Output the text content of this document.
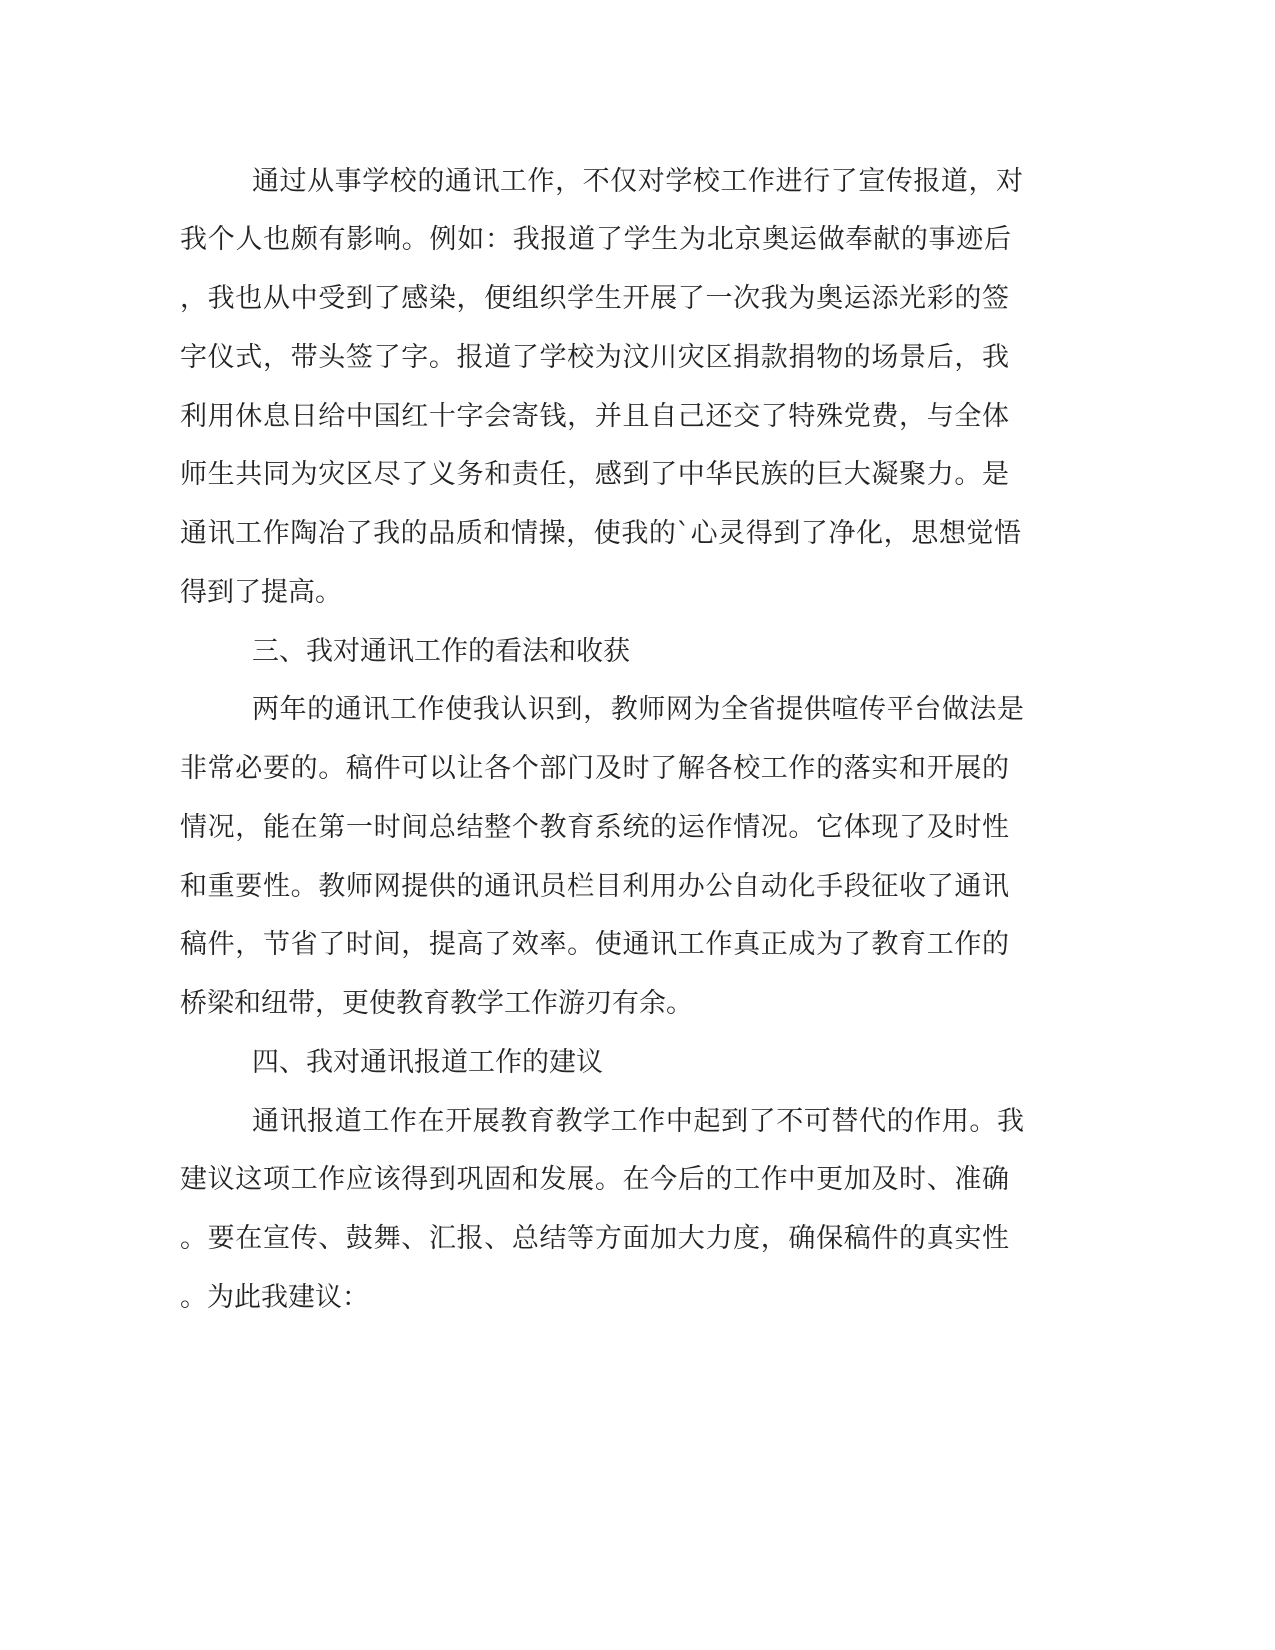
通过从事学校的通讯工作，不仅对学校工作进行了宣传报道，对
我个人也颇有影响。例如：我报道了学生为北京奥运做奉献的事迹后
，我也从中受到了感染，便组织学生开展了一次我为奥运添光彩的签
字仪式，带头签了字。报道了学校为汶川灾区捐款捐物的场景后，我
利用休息日给中国红十字会寄钱，并且自己还交了特殊党费，与全体
师生共同为灾区尽了义务和责任，感到了中华民族的巨大凝聚力。是
通讯工作陶冶了我的品质和情操，使我的`心灵得到了净化，思想觉悟
得到了提高。
三、我对通讯工作的看法和收获
两年的通讯工作使我认识到，教师网为全省提供喧传平台做法是
非常必要的。稿件可以让各个部门及时了解各校工作的落实和开展的
情况，能在第一时间总结整个教育系统的运作情况。它体现了及时性
和重要性。教师网提供的通讯员栏目利用办公自动化手段征收了通讯
稿件，节省了时间，提高了效率。使通讯工作真正成为了教育工作的
桥梁和纽带，更使教育教学工作游刃有余。
四、我对通讯报道工作的建议
通讯报道工作在开展教育教学工作中起到了不可替代的作用。我
建议这项工作应该得到巩固和发展。在今后的工作中更加及时、准确
。要在宣传、鼓舞、汇报、总结等方面加大力度，确保稿件的真实性
。为此我建议：
